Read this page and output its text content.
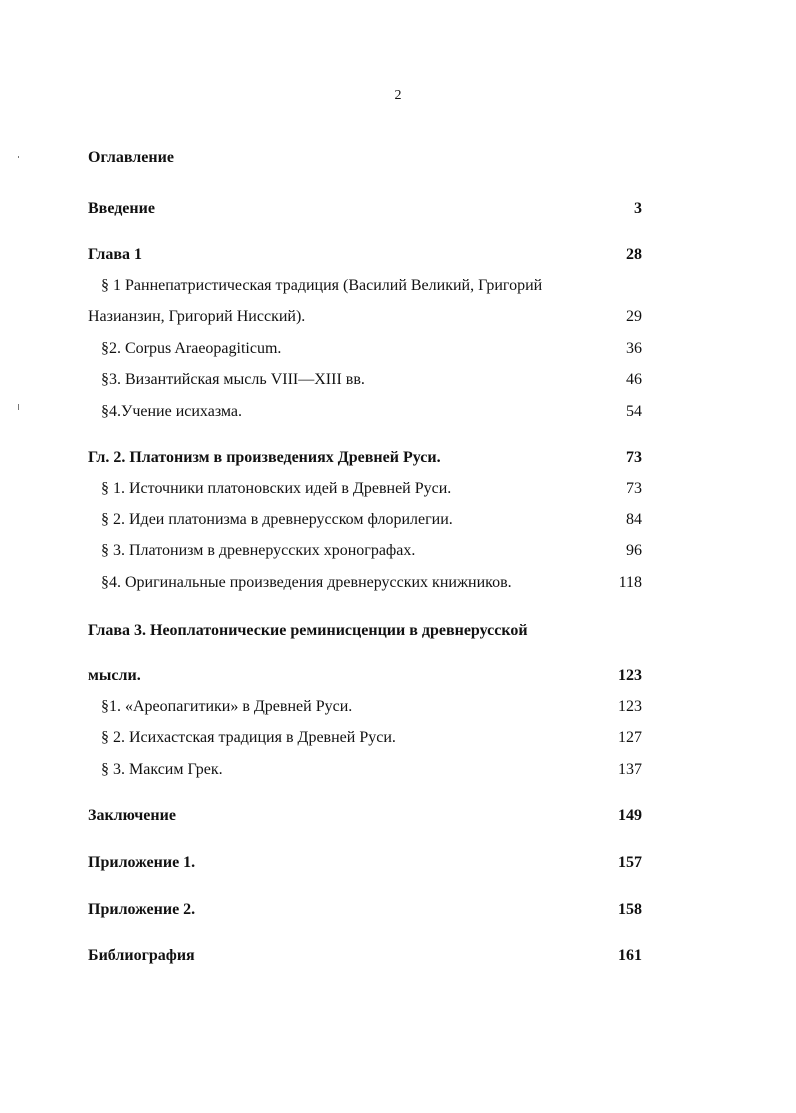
2
Оглавление
Введение	3
Глава 1	28
§ 1 Раннепатристическая традиция (Василий Великий, Григорий
Назианзин, Григорий Нисский).	29
§2. Corpus Araeopagiticum.	36
§3. Византийская мысль VIII—XIII вв.	46
§4.Учение исихазма.	54
Гл. 2. Платонизм в произведениях Древней Руси.	73
§ 1. Источники платоновских идей в Древней Руси.	73
§ 2. Идеи платонизма в древнерусском флорилегии.	84
§ 3. Платонизм в древнерусских хронографах.	96
§4. Оригинальные произведения древнерусских книжников.	118
Глава 3. Неоплатонические реминисценции в древнерусской
мысли.	123
§1. «Ареопагитики» в Древней Руси.	123
§ 2. Исихастская традиция в Древней Руси.	127
§ 3. Максим Грек.	137
Заключение	149
Приложение 1.	157
Приложение 2.	158
Библиография	161
